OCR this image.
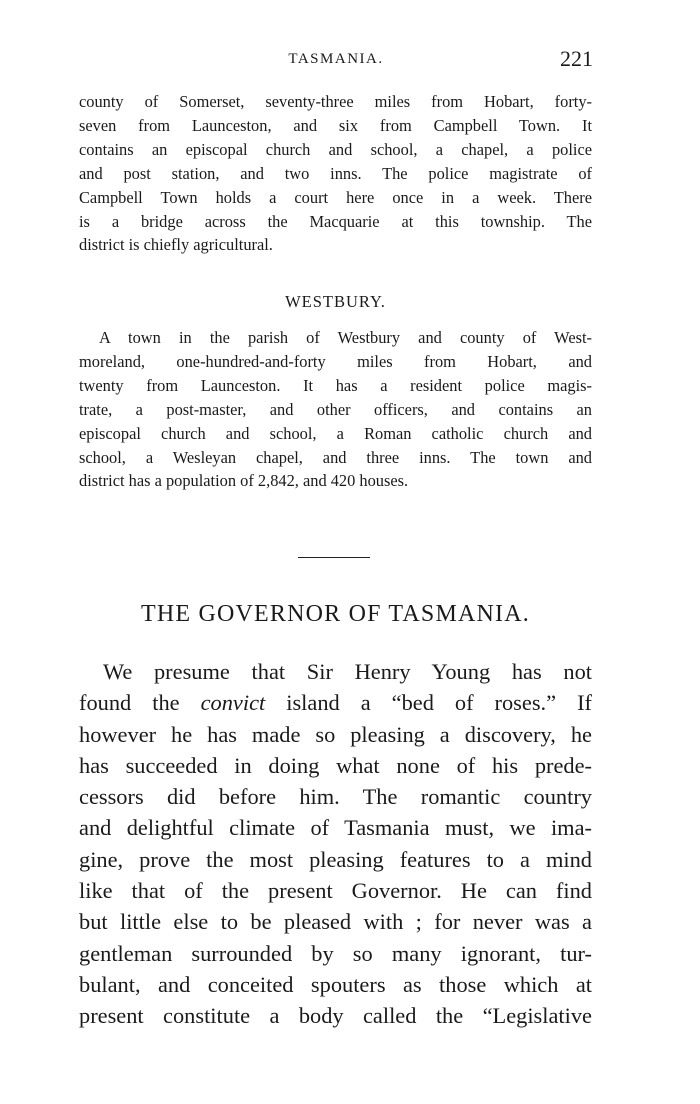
TASMANIA.	221
county of Somerset, seventy-three miles from Hobart, forty-
seven from Launceston, and six from Campbell Town. It
contains an episcopal church and school, a chapel, a police
and post station, and two inns. The police magistrate of
Campbell Town holds a court here once in a week. There
is a bridge across the Macquarie at this township. The
district is chiefly agricultural.
WESTBURY.
A town in the parish of Westbury and county of West-
moreland, one-hundred-and-forty miles from Hobart, and
twenty from Launceston. It has a resident police magis-
trate, a post-master, and other officers, and contains an
episcopal church and school, a Roman catholic church and
school, a Wesleyan chapel, and three inns. The town and
district has a population of 2,842, and 420 houses.
THE GOVERNOR OF TASMANIA.
We presume that Sir Henry Young has not
found the convict island a “bed of roses.” If
however he has made so pleasing a discovery, he
has succeeded in doing what none of his prede-
cessors did before him. The romantic country
and delightful climate of Tasmania must, we ima-
gine, prove the most pleasing features to a mind
like that of the present Governor. He can find
but little else to be pleased with ; for never was a
gentleman surrounded by so many ignorant, tur-
bulant, and conceited spouters as those which at
present constitute a body called the “Legislative
